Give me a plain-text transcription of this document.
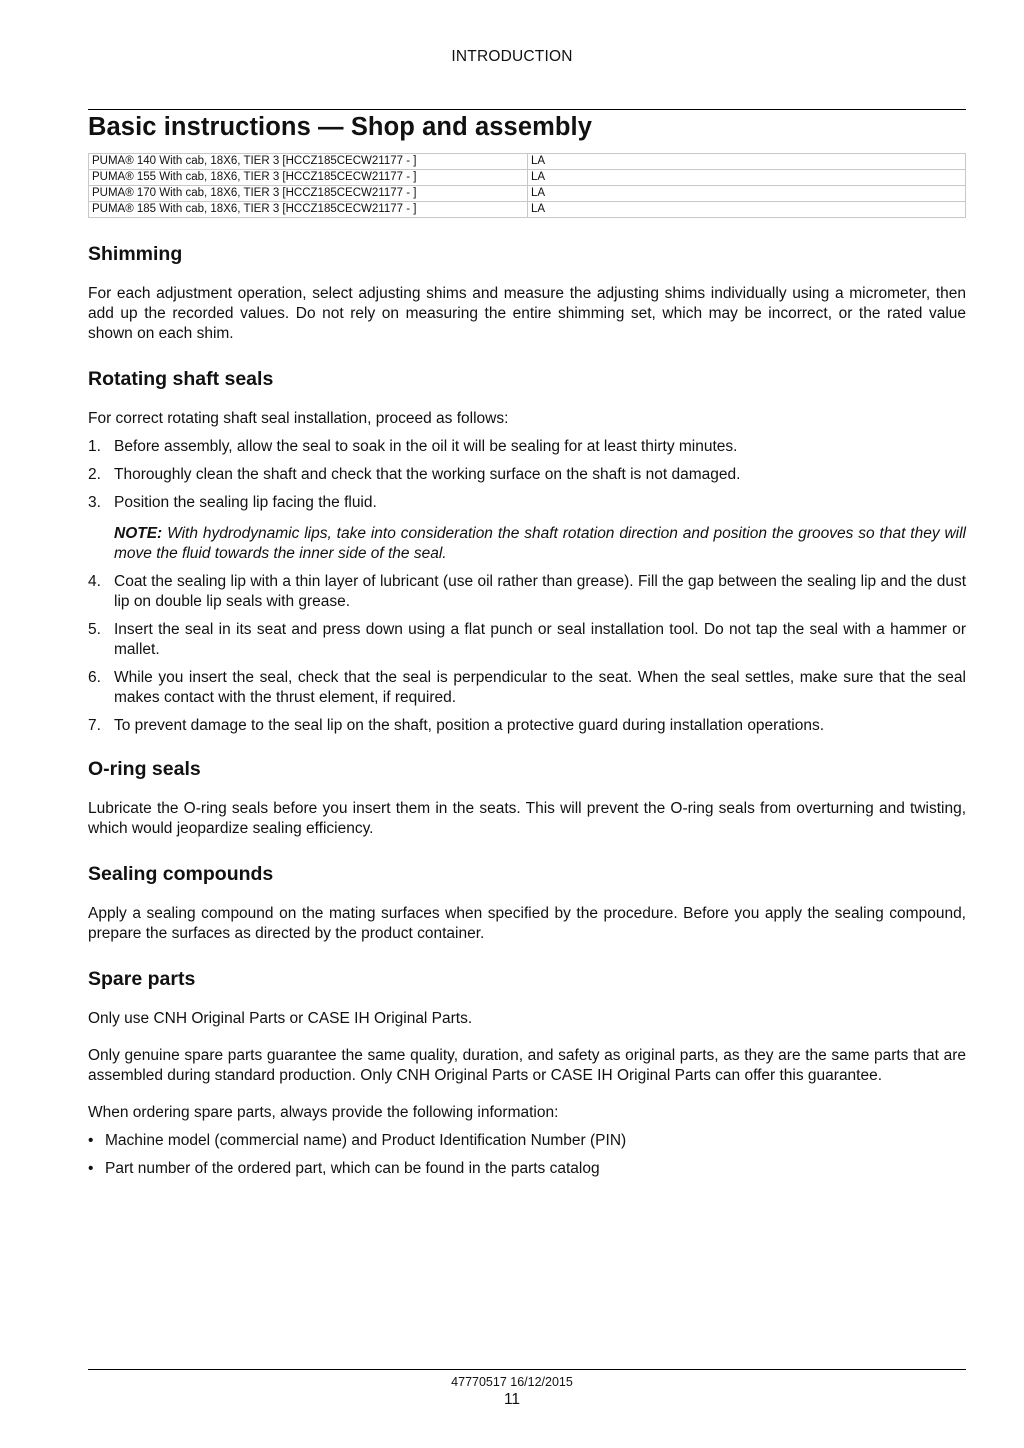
INTRODUCTION
Basic instructions — Shop and assembly
PUMA® 140 With cab, 18X6, TIER 3 [HCCZ185CECW21177 - ]	LA
PUMA® 155 With cab, 18X6, TIER 3 [HCCZ185CECW21177 - ]	LA
PUMA® 170 With cab, 18X6, TIER 3 [HCCZ185CECW21177 - ]	LA
PUMA® 185 With cab, 18X6, TIER 3 [HCCZ185CECW21177 - ]	LA
Shimming

For each adjustment operation, select adjusting shims and measure the adjusting shims individually using a micrometer, then add up the recorded values. Do not rely on measuring the entire shimming set, which may be incorrect, or the rated value shown on each shim.

Rotating shaft seals

For correct rotating shaft seal installation, proceed as follows:

1. Before assembly, allow the seal to soak in the oil it will be sealing for at least thirty minutes.
2. Thoroughly clean the shaft and check that the working surface on the shaft is not damaged.
3. Position the sealing lip facing the fluid.
NOTE: With hydrodynamic lips, take into consideration the shaft rotation direction and position the grooves so that they will move the fluid towards the inner side of the seal.
4. Coat the sealing lip with a thin layer of lubricant (use oil rather than grease). Fill the gap between the sealing lip and the dust lip on double lip seals with grease.
5. Insert the seal in its seat and press down using a flat punch or seal installation tool. Do not tap the seal with a hammer or mallet.
6. While you insert the seal, check that the seal is perpendicular to the seat. When the seal settles, make sure that the seal makes contact with the thrust element, if required.
7. To prevent damage to the seal lip on the shaft, position a protective guard during installation operations.
O-ring seals

Lubricate the O-ring seals before you insert them in the seats. This will prevent the O-ring seals from overturning and twisting, which would jeopardize sealing efficiency.

Sealing compounds

Apply a sealing compound on the mating surfaces when specified by the procedure. Before you apply the sealing compound, prepare the surfaces as directed by the product container.

Spare parts

Only use CNH Original Parts or CASE IH Original Parts.

Only genuine spare parts guarantee the same quality, duration, and safety as original parts, as they are the same parts that are assembled during standard production. Only CNH Original Parts or CASE IH Original Parts can offer this guarantee.

When ordering spare parts, always provide the following information:

• Machine model (commercial name) and Product Identification Number (PIN)
• Part number of the ordered part, which can be found in the parts catalog
47770517 16/12/2015
11
